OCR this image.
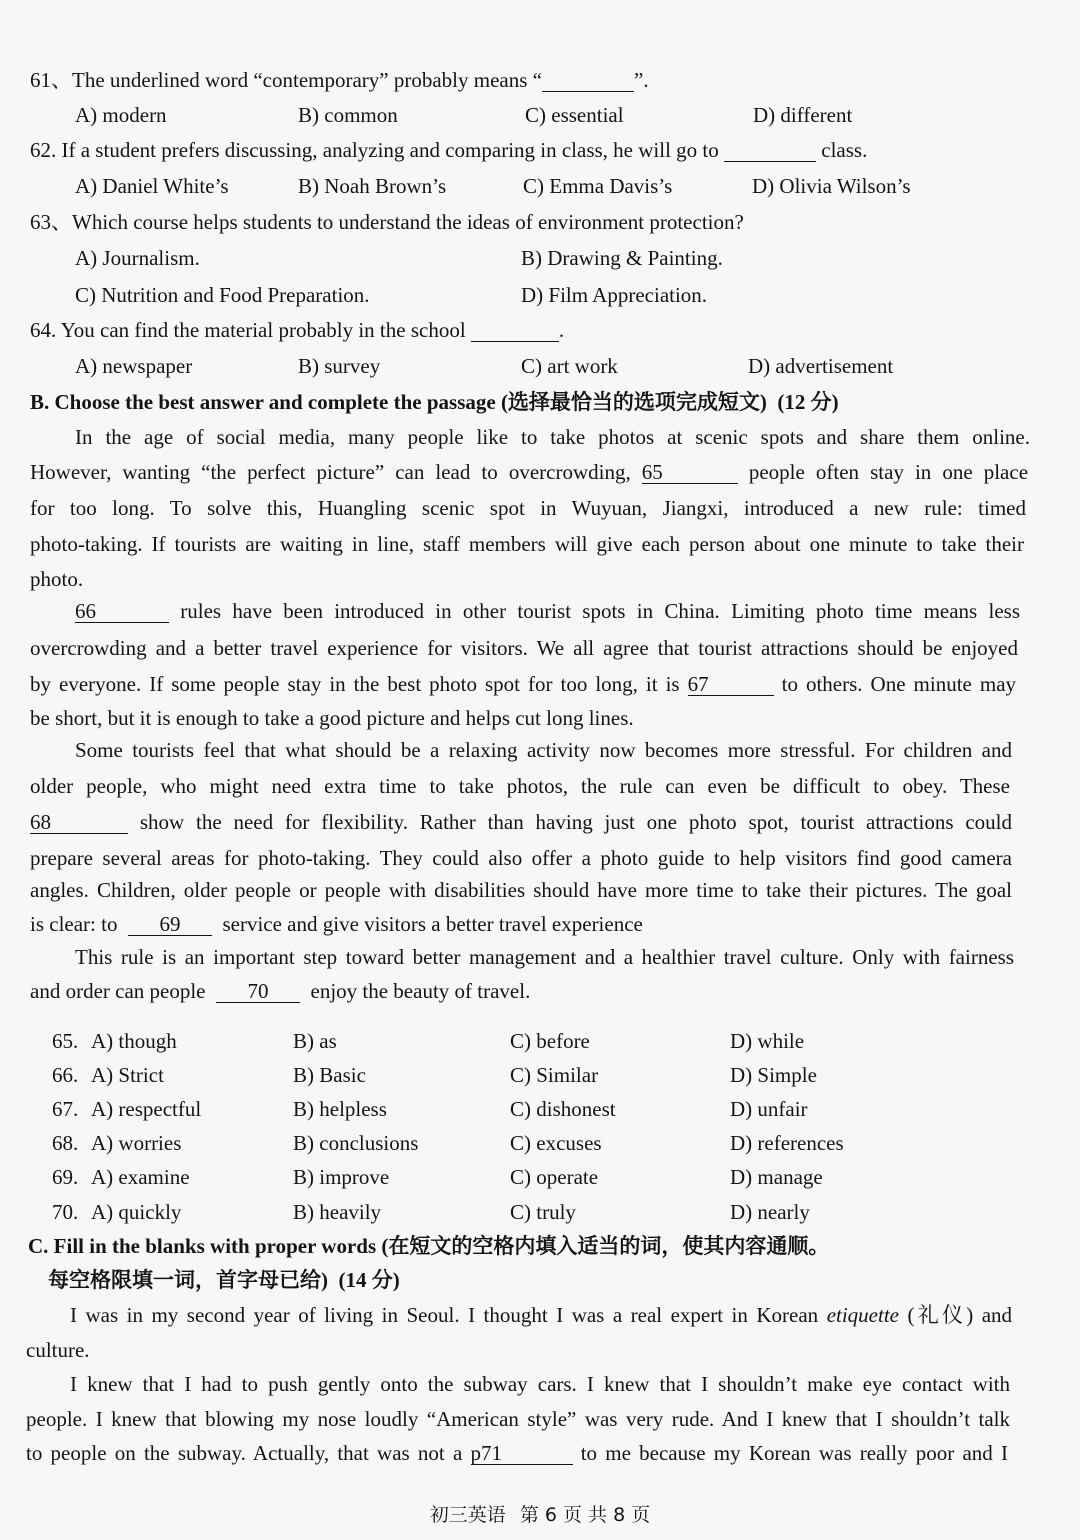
61、The underlined word “contemporary” probably means “	”.
A) modern	B) common	C) essential	D) different
62. If a student prefers discussing, analyzing and comparing in class, he will go to	class.
A) Daniel White’s	B) Noah Brown’s	C) Emma Davis’s	D) Olivia Wilson’s
63、Which course helps students to understand the ideas of environment protection?
A) Journalism.	B) Drawing & Painting.
C) Nutrition and Food Preparation.	D) Film Appreciation.
64. You can find the material probably in the school	.
A) newspaper	B) survey	C) art work	D) advertisement
B. Choose the best answer and complete the passage (选择最恰当的选项完成短文)  (12 分)
In the age of social media, many people like to take photos at scenic spots and share them online.
However, wanting “the perfect picture” can lead to overcrowding, 65	people often stay in one place
for too long. To solve this, Huangling scenic spot in Wuyuan, Jiangxi, introduced a new rule: timed
photo-taking. If tourists are waiting in line, staff members will give each person about one minute to take their
photo.
66	rules have been introduced in other tourist spots in China. Limiting photo time means less
overcrowding and a better travel experience for visitors. We all agree that tourist attractions should be enjoyed
by everyone. If some people stay in the best photo spot for too long, it is 67	to others. One minute may
be short, but it is enough to take a good picture and helps cut long lines.
Some tourists feel that what should be a relaxing activity now becomes more stressful. For children and
older people, who might need extra time to take photos, the rule can even be difficult to obey. These
68	show the need for flexibility. Rather than having just one photo spot, tourist attractions could
prepare several areas for photo-taking. They could also offer a photo guide to help visitors find good camera
angles. Children, older people or people with disabilities should have more time to take their pictures. The goal
is clear: to 69 service and give visitors a better travel experience
This rule is an important step toward better management and a healthier travel culture. Only with fairness
and order can people 70 enjoy the beauty of travel.
65. A) though	B) as	C) before	D) while
66. A) Strict	B) Basic	C) Similar	D) Simple
67. A) respectful	B) helpless	C) dishonest	D) unfair
68. A) worries	B) conclusions	C) excuses	D) references
69. A) examine	B) improve	C) operate	D) manage
70. A) quickly	B) heavily	C) truly	D) nearly
C. Fill in the blanks with proper words (在短文的空格内填入适当的词，使其内容通顺。
每空格限填一词，首字母已给)  (14 分)
I was in my second year of living in Seoul. I thought I was a real expert in Korean etiquette (礼仪) and
culture.
I knew that I had to push gently onto the subway cars. I knew that I shouldn’t make eye contact with
people. I knew that blowing my nose loudly “American style” was very rude. And I knew that I shouldn’t talk
to people on the subway. Actually, that was not a p71	to me because my Korean was really poor and I
初三英语 第 6 页 共 8 页
